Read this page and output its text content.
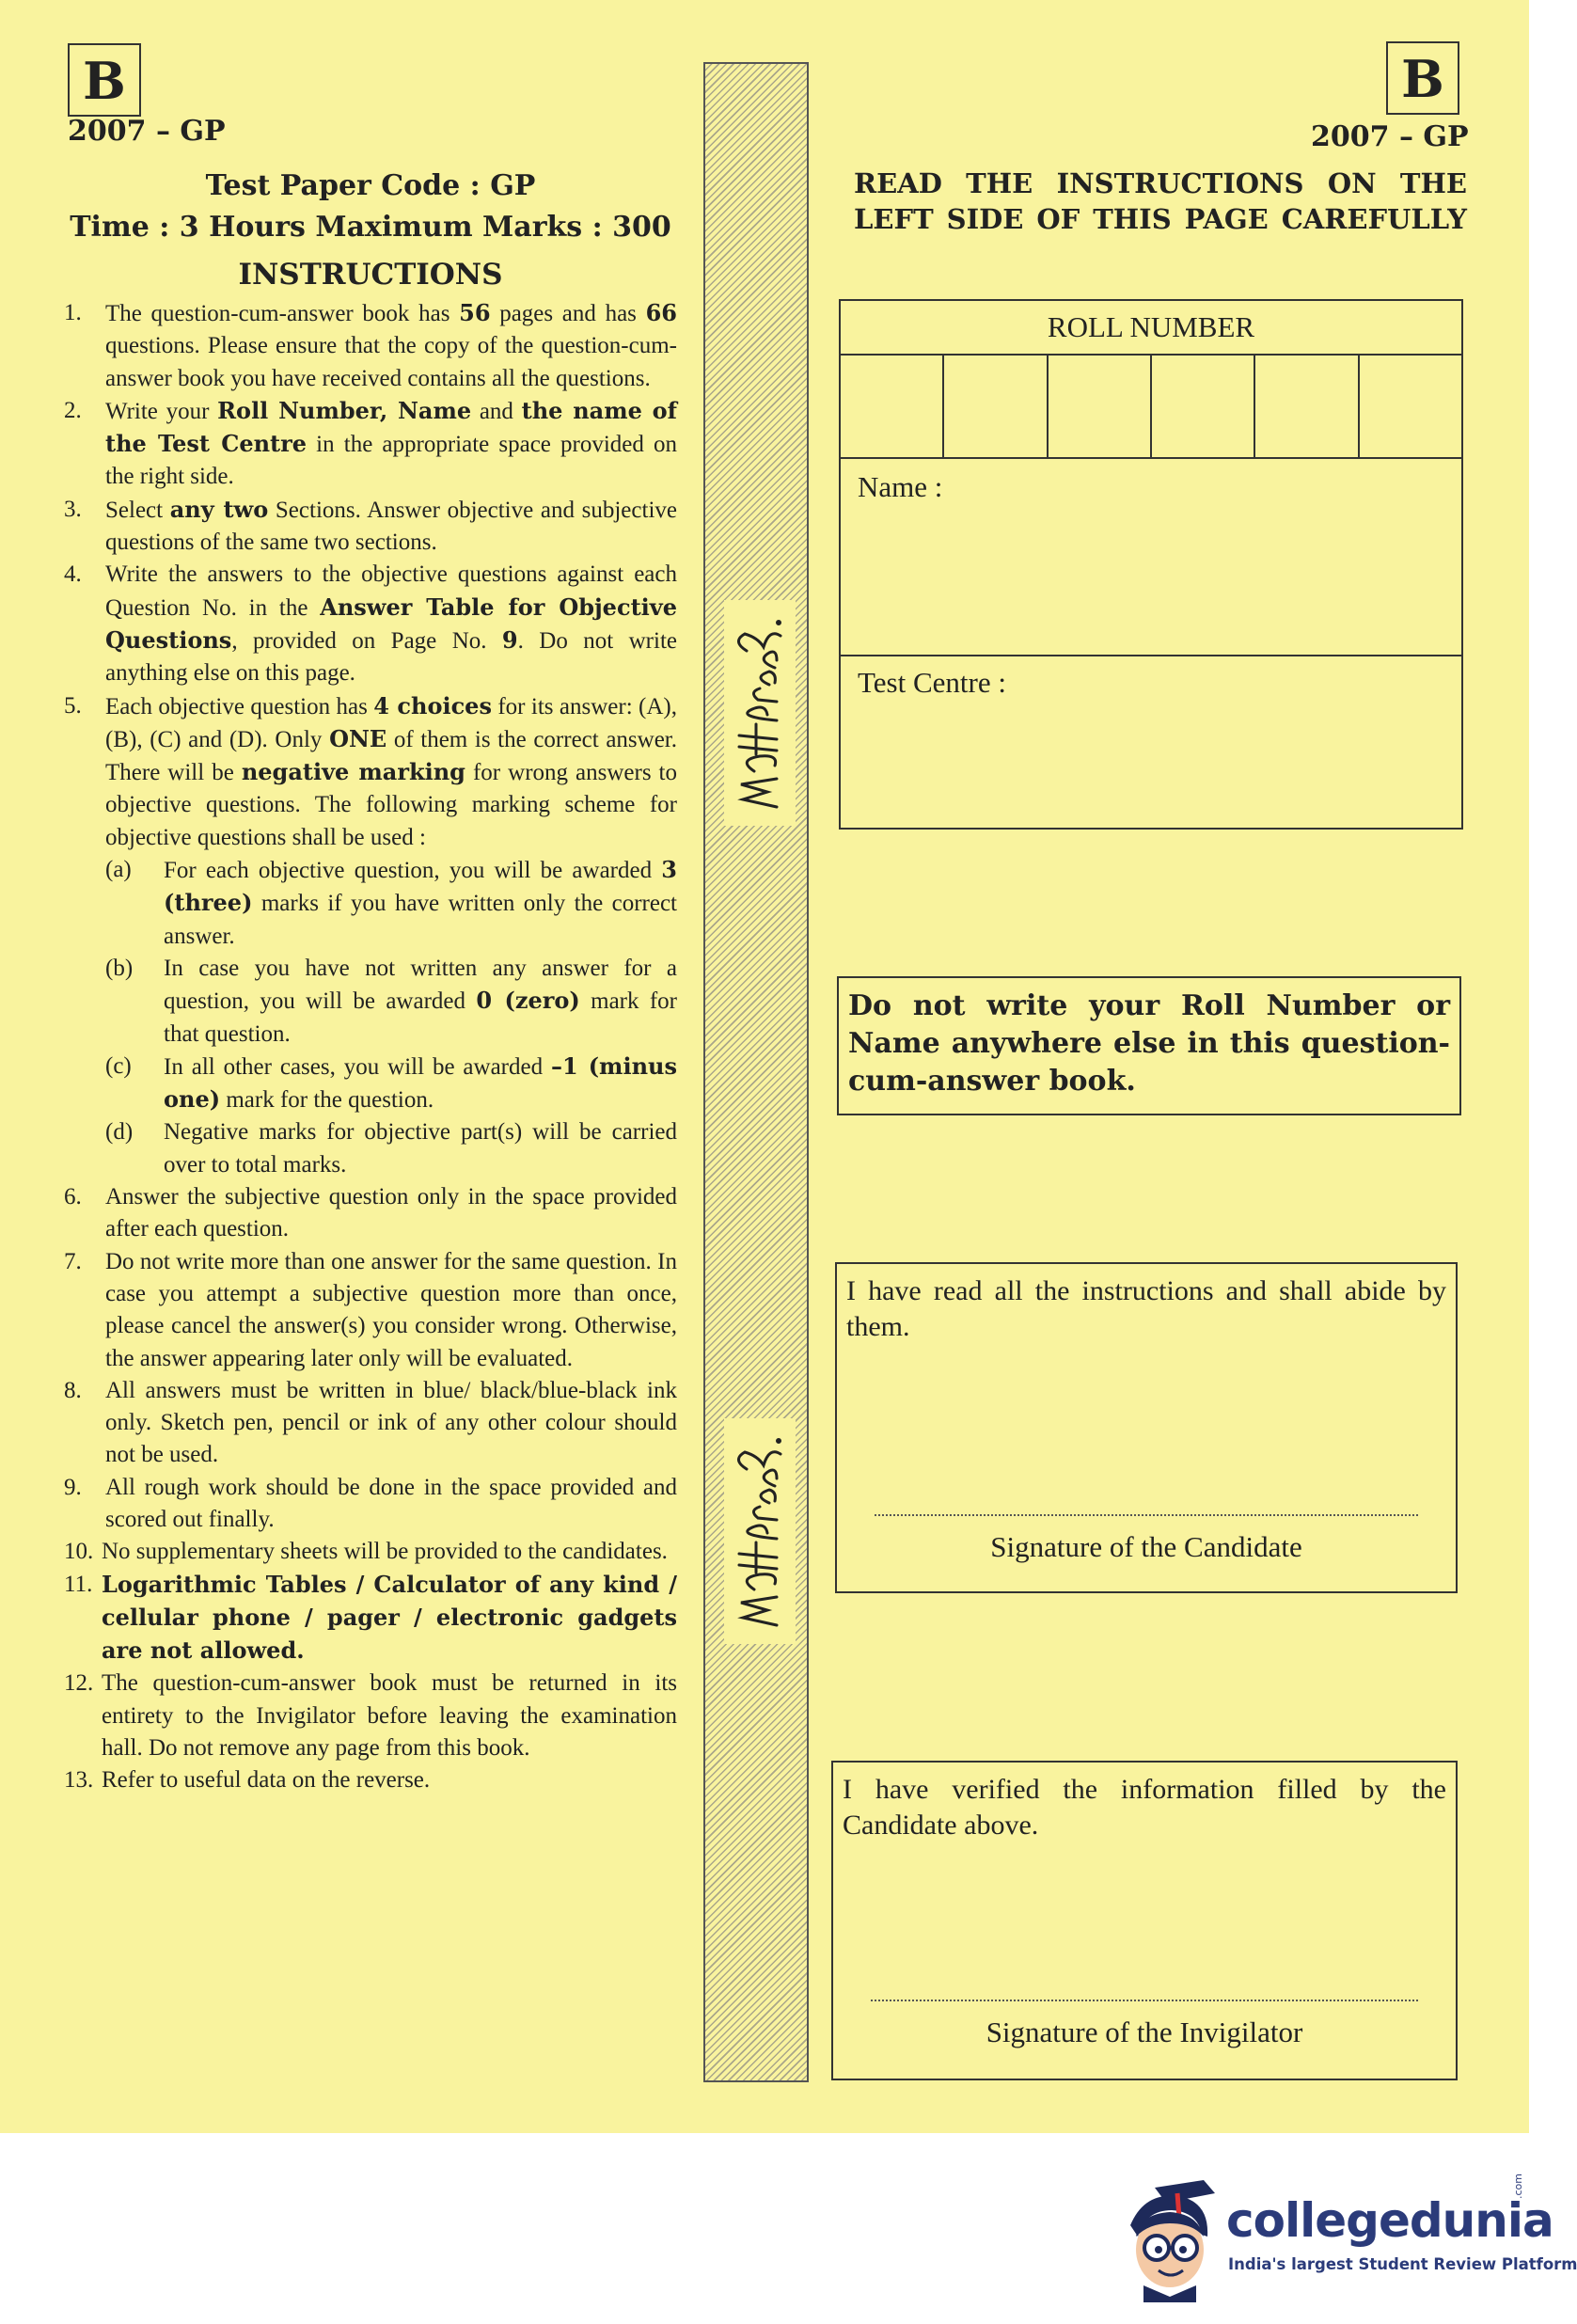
B
2007 – GP
B
2007 – GP
Test Paper Code : GP
Time : 3 Hours Maximum Marks : 300
INSTRUCTIONS
1. The question-cum-answer book has 56 pages and has 66 questions. Please ensure that the copy of the question-cum-answer book you have received contains all the questions.
2. Write your Roll Number, Name and the name of the Test Centre in the appropriate space provided on the right side.
3. Select any two Sections. Answer objective and subjective questions of the same two sections.
4. Write the answers to the objective questions against each Question No. in the Answer Table for Objective Questions, provided on Page No. 9. Do not write anything else on this page.
5. Each objective question has 4 choices for its answer: (A), (B), (C) and (D). Only ONE of them is the correct answer. There will be negative marking for wrong answers to objective questions. The following marking scheme for objective questions shall be used :
(a) For each objective question, you will be awarded 3 (three) marks if you have written only the correct answer.
(b) In case you have not written any answer for a question, you will be awarded 0 (zero) mark for that question.
(c) In all other cases, you will be awarded –1 (minus one) mark for the question.
(d) Negative marks for objective part(s) will be carried over to total marks.
6. Answer the subjective question only in the space provided after each question.
7. Do not write more than one answer for the same question. In case you attempt a subjective question more than once, please cancel the answer(s) you consider wrong. Otherwise, the answer appearing later only will be evaluated.
8. All answers must be written in blue/ black/blue-black ink only. Sketch pen, pencil or ink of any other colour should not be used.
9. All rough work should be done in the space provided and scored out finally.
10. No supplementary sheets will be provided to the candidates.
11. Logarithmic Tables / Calculator of any kind / cellular phone / pager / electronic gadgets are not allowed.
12. The question-cum-answer book must be returned in its entirety to the Invigilator before leaving the examination hall. Do not remove any page from this book.
13. Refer to useful data on the reverse.
READ THE INSTRUCTIONS ON THE LEFT SIDE OF THIS PAGE CAREFULLY
ROLL NUMBER
Name :
Test Centre :
Do not write your Roll Number or Name anywhere else in this question-cum-answer book.
I have read all the instructions and shall abide by them.
Signature of the Candidate
I have verified the information filled by the Candidate above.
Signature of the Invigilator
collegedunia
.com
India's largest Student Review Platform
